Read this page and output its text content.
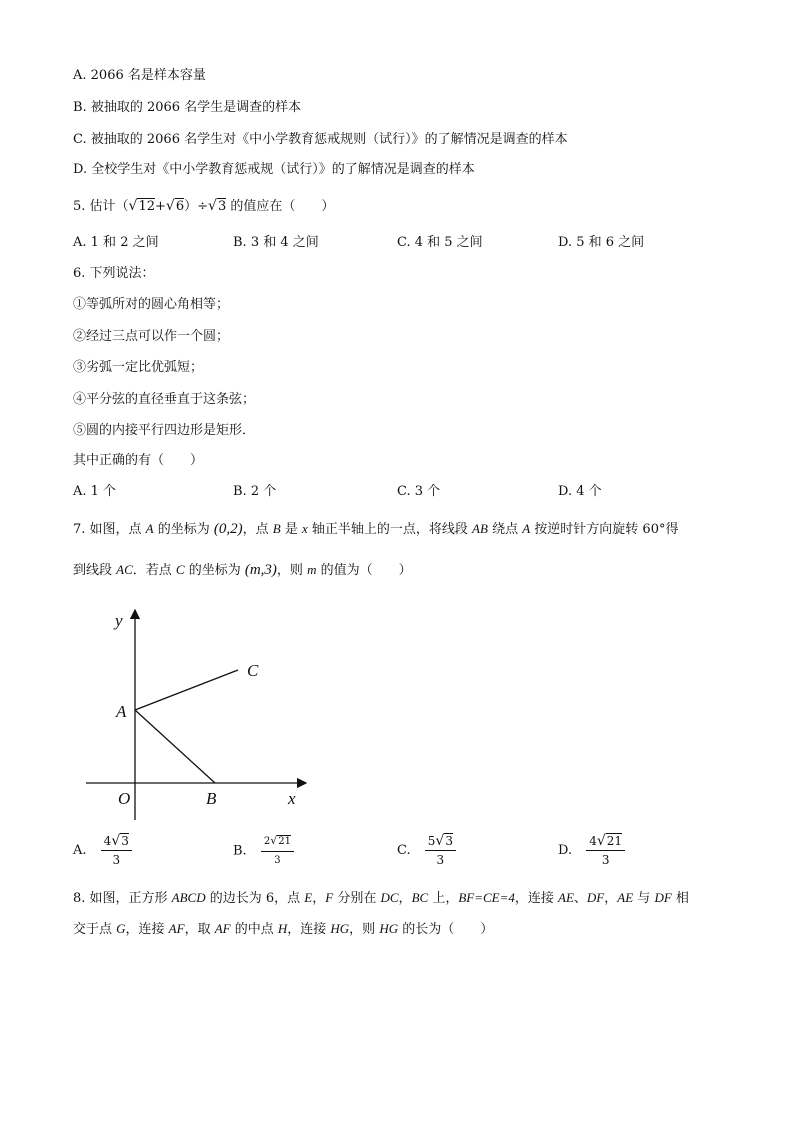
A. 2066 名是样本容量
B. 被抽取的 2066 名学生是调查的样本
C. 被抽取的 2066 名学生对《中小学教育惩戒规则（试行）》的了解情况是调查的样本
D. 全校学生对《中小学教育惩戒规（试行）》的了解情况是调查的样本
5. 估计（√12+√6）÷√3 的值应在（　　）
A. 1 和 2 之间	B. 3 和 4 之间	C. 4 和 5 之间	D. 5 和 6 之间
6. 下列说法：
①等弧所对的圆心角相等；
②经过三点可以作一个圆；
③劣弧一定比优弧短；
④平分弦的直径垂直于这条弦；
⑤圆的内接平行四边形是矩形．
其中正确的有（　　）
A. 1 个	B. 2 个	C. 3 个	D. 4 个
7. 如图，点 A 的坐标为 (0,2)，点 B 是 x 轴正半轴上的一点，将线段 AB 绕点 A 按逆时针方向旋转 60°得
到线段 AC．若点 C 的坐标为 (m,3)，则 m 的值为（　　）
y
C
A
O	B	x
A. $\frac{4√3}{3}$	B. $\frac{2√21}{3}$	C. $\frac{5√3}{3}$	D. $\frac{4√21}{3}$
8. 如图，正方形 ABCD 的边长为 6，点 E，F 分别在 DC，BC 上，BF=CE=4，连接 AE、DF，AE 与 DF 相
交于点 G，连接 AF，取 AF 的中点 H，连接 HG，则 HG 的长为（　　）
